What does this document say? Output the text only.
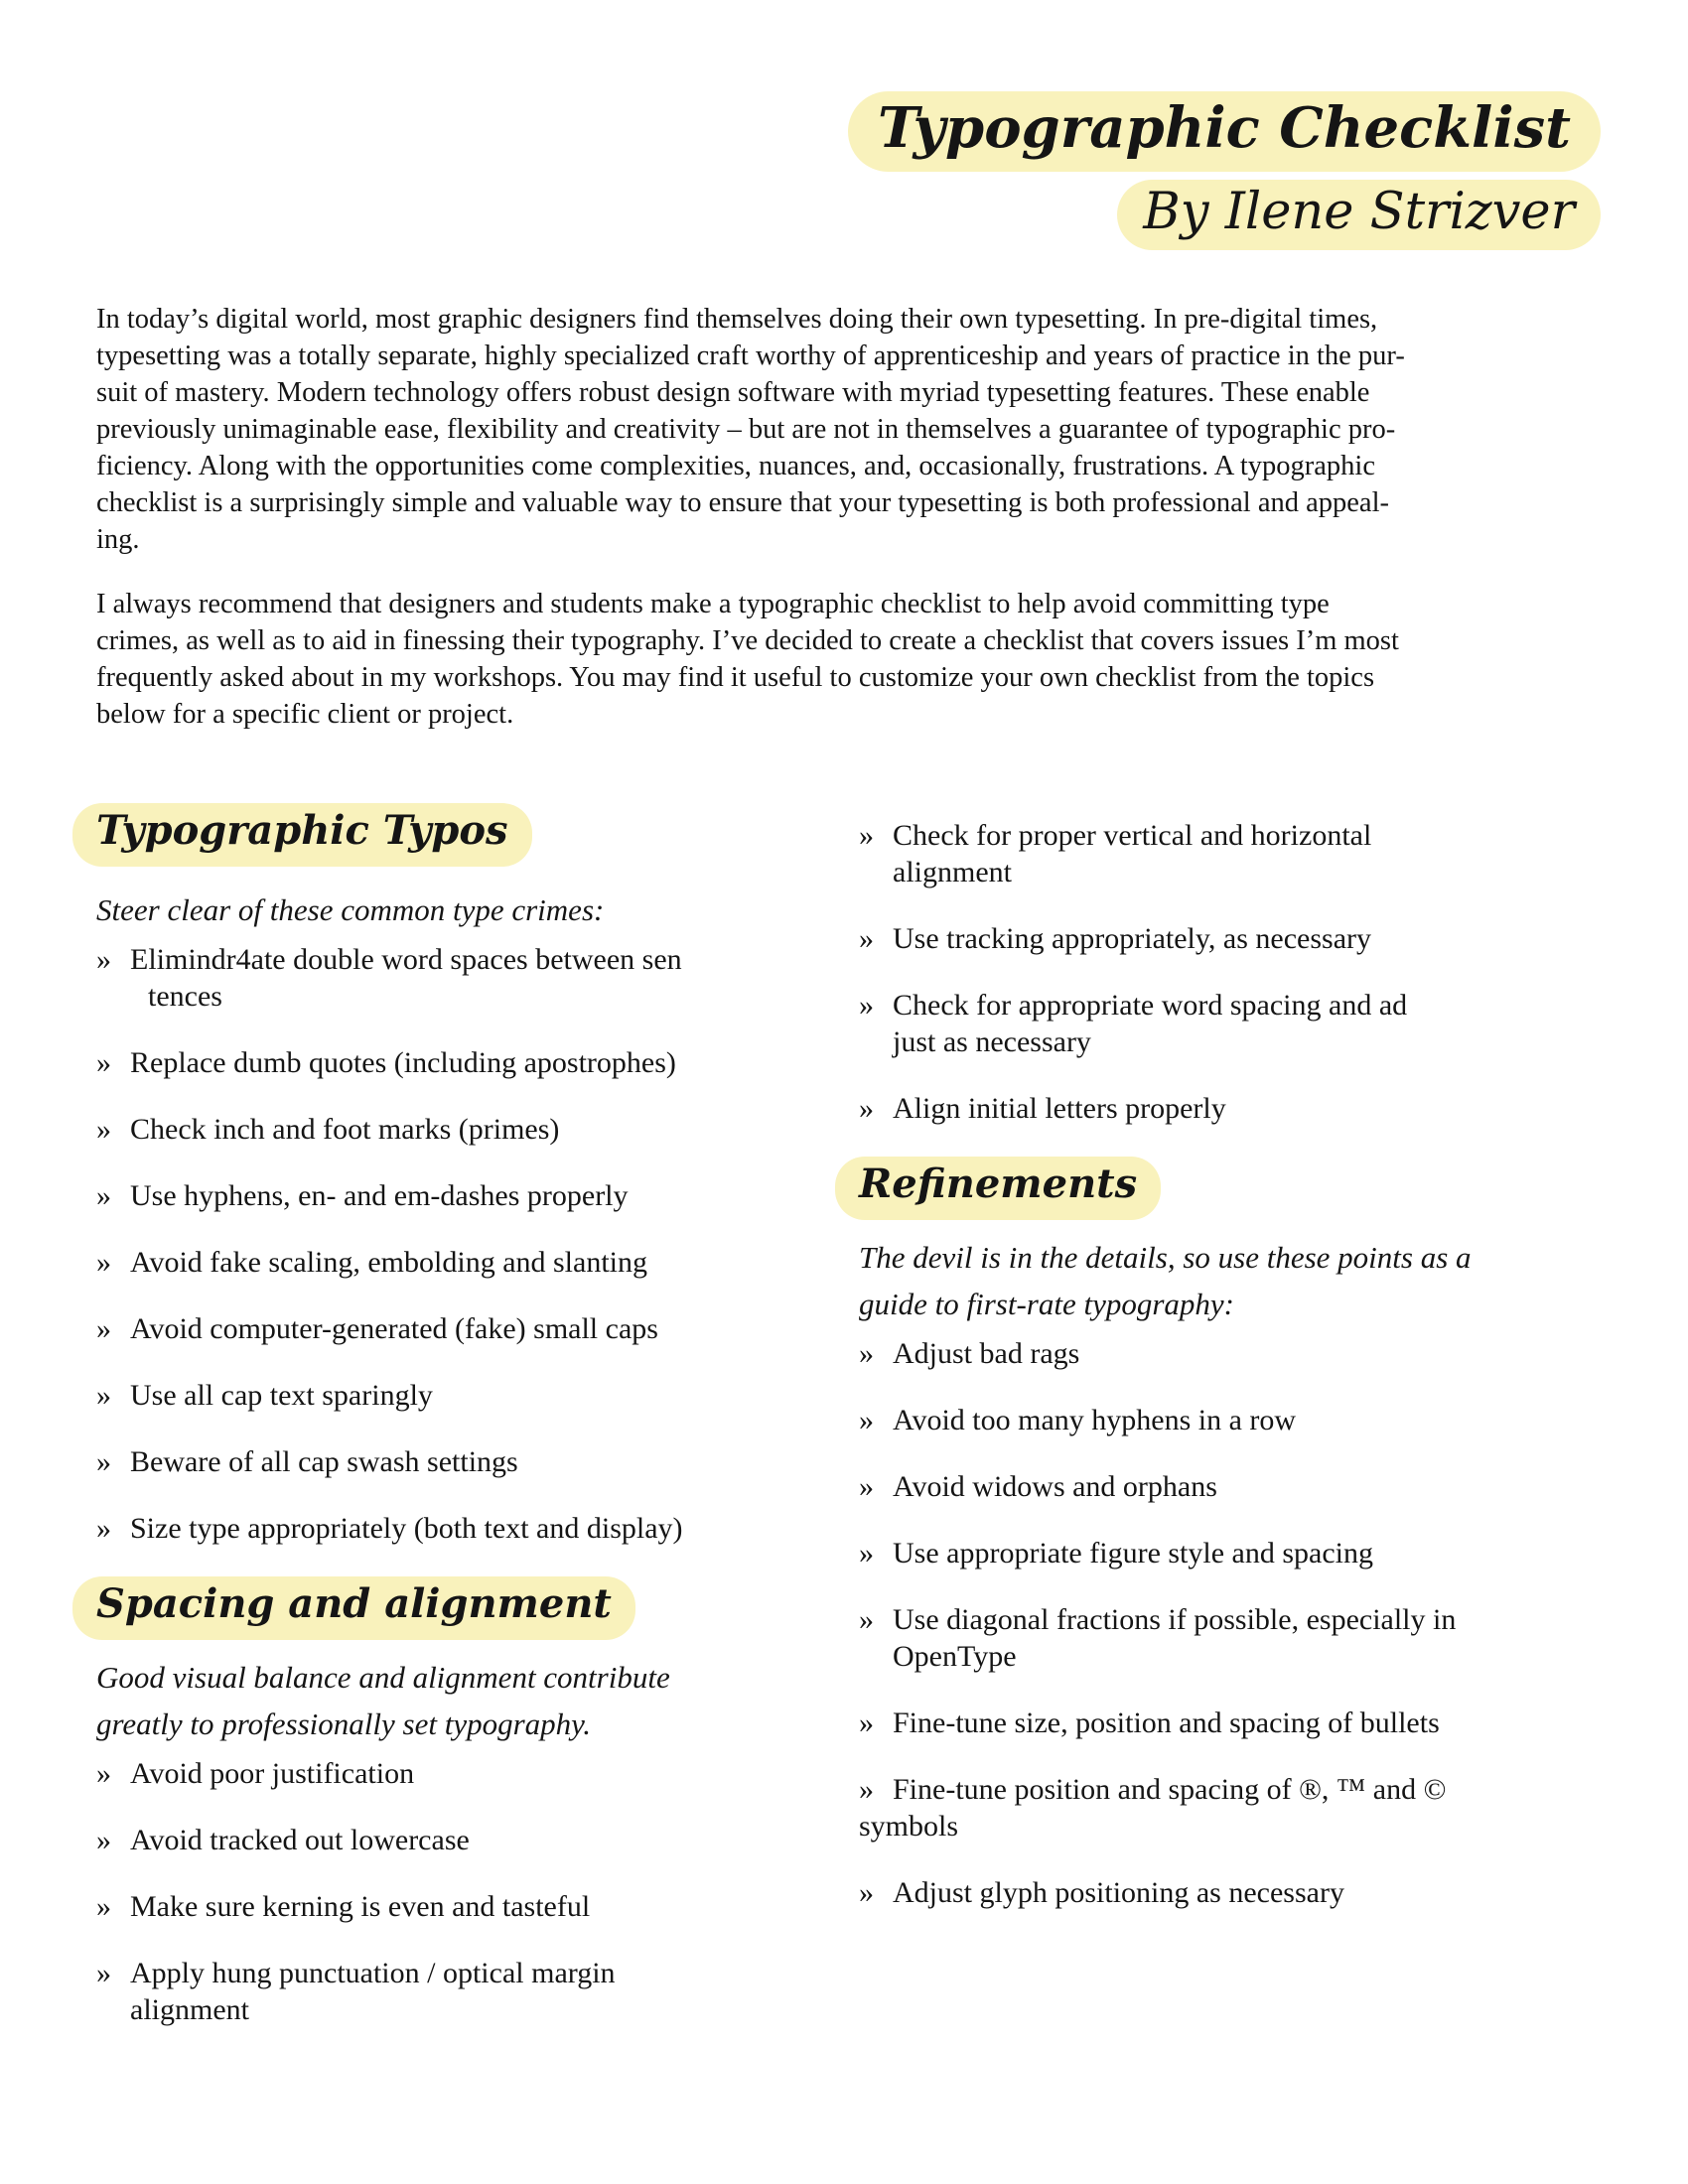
Typographic Checklist
By Ilene Strizver
In today’s digital world, most graphic designers find themselves doing their own typesetting. In pre-digital times,
typesetting was a totally separate, highly specialized craft worthy of apprenticeship and years of practice in the pur-
suit of mastery. Modern technology offers robust design software with myriad typesetting features. These enable
previously unimaginable ease, flexibility and creativity – but are not in themselves a guarantee of typographic pro-
ficiency. Along with the opportunities come complexities, nuances, and, occasionally, frustrations. A typographic
checklist is a surprisingly simple and valuable way to ensure that your typesetting is both professional and appeal-
ing.
I always recommend that designers and students make a typographic checklist to help avoid committing type
crimes, as well as to aid in finessing their typography. I’ve decided to create a checklist that covers issues I’m most
frequently asked about in my workshops. You may find it useful to customize your own checklist from the topics
below for a specific client or project.
Typographic Typos
Steer clear of these common type crimes:
» Elimindr4ate double word spaces between sen
tences
» Replace dumb quotes (including apostrophes)
» Check inch and foot marks (primes)
» Use hyphens, en- and em-dashes properly
» Avoid fake scaling, embolding and slanting
» Avoid computer-generated (fake) small caps
» Use all cap text sparingly
» Beware of all cap swash settings
» Size type appropriately (both text and display)
Spacing and alignment
Good visual balance and alignment contribute
greatly to professionally set typography.
» Avoid poor justification
» Avoid tracked out lowercase
» Make sure kerning is even and tasteful
» Apply hung punctuation / optical margin
alignment
» Check for proper vertical and horizontal
alignment
» Use tracking appropriately, as necessary
» Check for appropriate word spacing and ad
just as necessary
» Align initial letters properly
Refinements
The devil is in the details, so use these points as a
guide to first-rate typography:
» Adjust bad rags
» Avoid too many hyphens in a row
» Avoid widows and orphans
» Use appropriate figure style and spacing
» Use diagonal fractions if possible, especially in
OpenType
» Fine-tune size, position and spacing of bullets
» Fine-tune position and spacing of ®, ™ and ©
symbols
» Adjust glyph positioning as necessary
